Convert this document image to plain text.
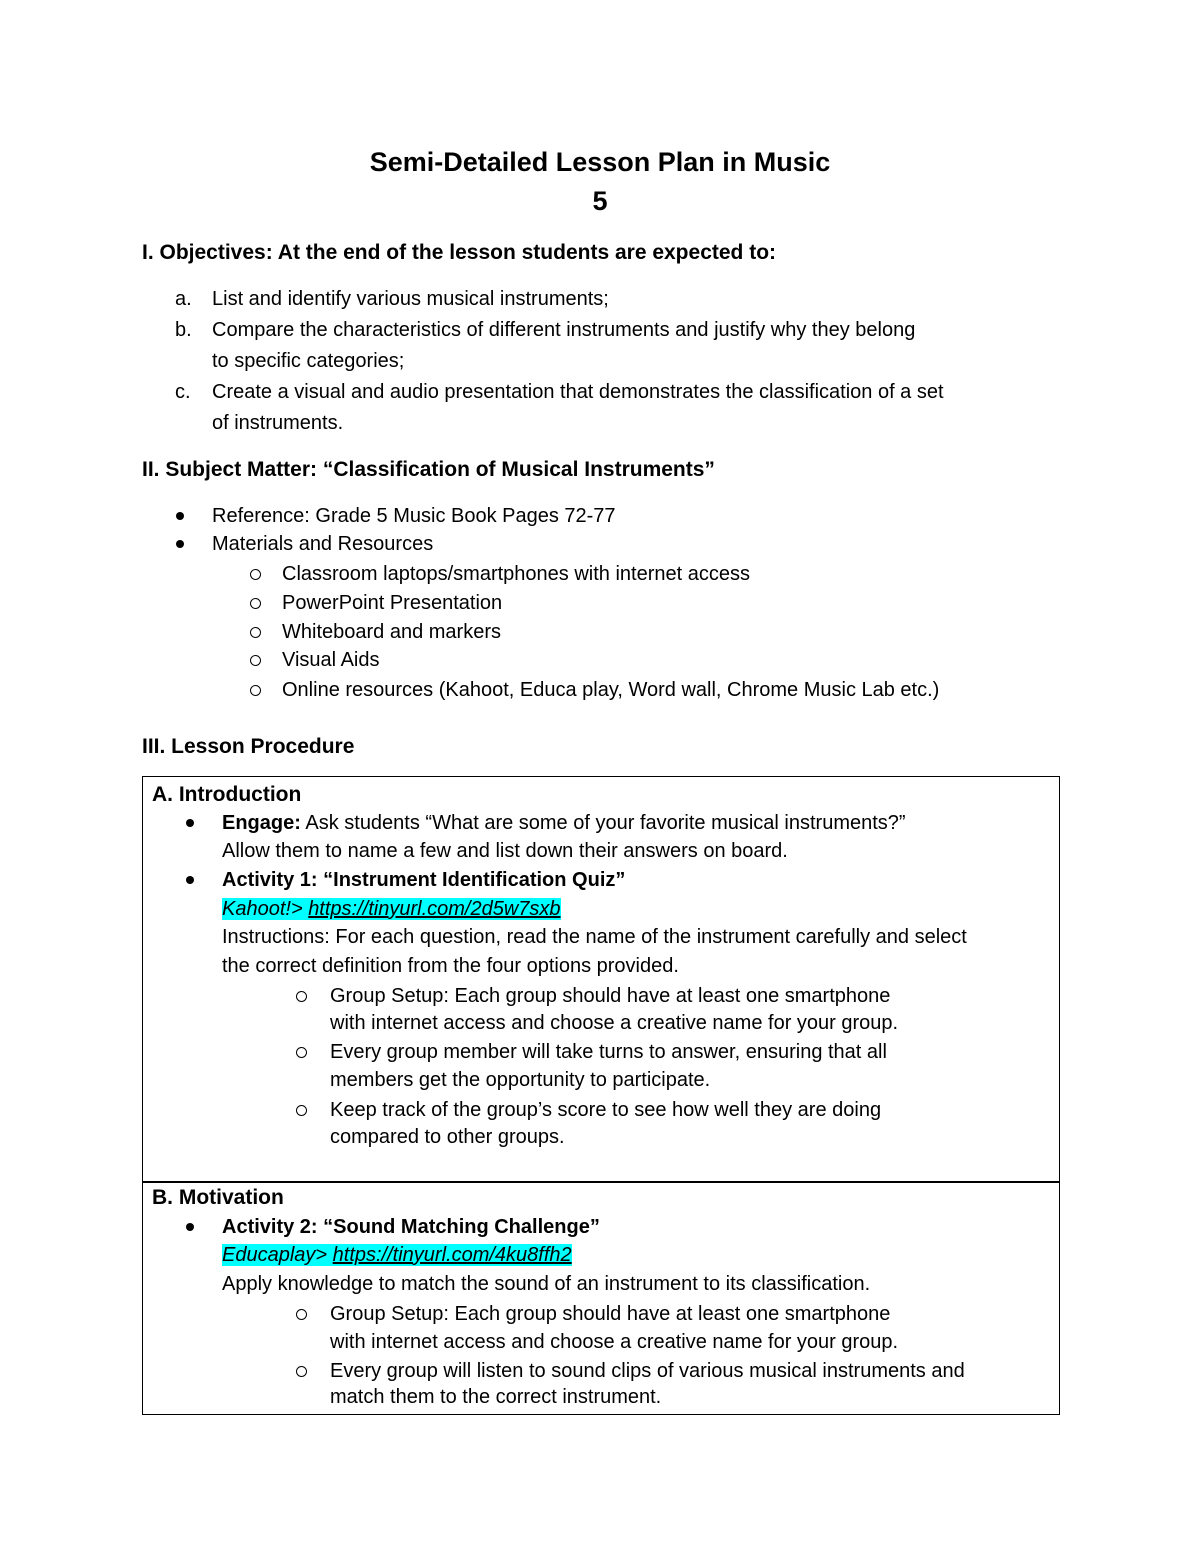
Semi-Detailed Lesson Plan in Music
5
I. Objectives: At the end of the lesson students are expected to:
a.	List and identify various musical instruments;
b.	Compare the characteristics of different instruments and justify why they belong
to specific categories;
c.	Create a visual and audio presentation that demonstrates the classification of a set
of instruments.
II. Subject Matter: “Classification of Musical Instruments”
Reference: Grade 5 Music Book Pages 72-77
Materials and Resources
Classroom laptops/smartphones with internet access
PowerPoint Presentation
Whiteboard and markers
Visual Aids
Online resources (Kahoot, Educa play, Word wall, Chrome Music Lab etc.)
III. Lesson Procedure
A. Introduction
Engage: Ask students “What are some of your favorite musical instruments?”
Allow them to name a few and list down their answers on board.
Activity 1: “Instrument Identification Quiz”
Kahoot!> https://tinyurl.com/2d5w7sxb
Instructions: For each question, read the name of the instrument carefully and select
the correct definition from the four options provided.
Group Setup: Each group should have at least one smartphone
with internet access and choose a creative name for your group.
Every group member will take turns to answer, ensuring that all
members get the opportunity to participate.
Keep track of the group’s score to see how well they are doing
compared to other groups.
B. Motivation
Activity 2: “Sound Matching Challenge”
Educaplay> https://tinyurl.com/4ku8ffh2
Apply knowledge to match the sound of an instrument to its classification.
Group Setup: Each group should have at least one smartphone
with internet access and choose a creative name for your group.
Every group will listen to sound clips of various musical instruments and
match them to the correct instrument.
